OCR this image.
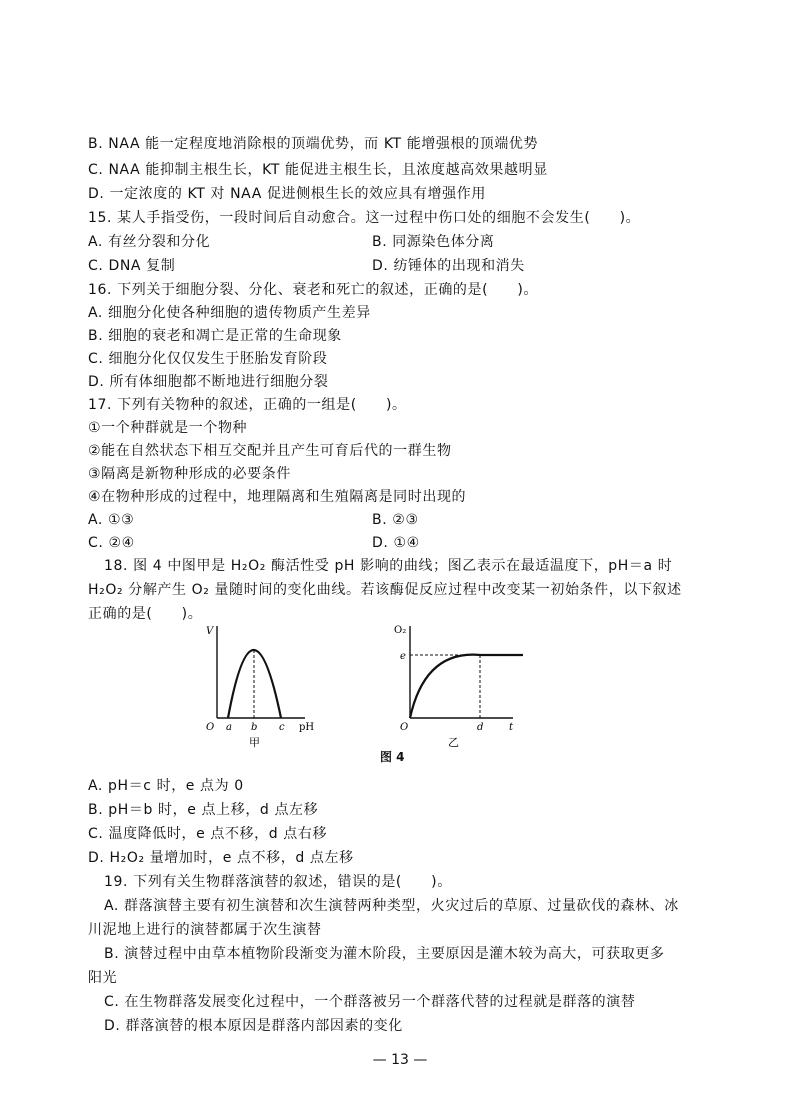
B. NAA 能一定程度地消除根的顶端优势，而 KT 能增强根的顶端优势
C. NAA 能抑制主根生长，KT 能促进主根生长，且浓度越高效果越明显
D. 一定浓度的 KT 对 NAA 促进侧根生长的效应具有增强作用
15. 某人手指受伤，一段时间后自动愈合。这一过程中伤口处的细胞不会发生(　　)。
A. 有丝分裂和分化	B. 同源染色体分离
C. DNA 复制	D. 纺锤体的出现和消失
16. 下列关于细胞分裂、分化、衰老和死亡的叙述，正确的是(　　)。
A. 细胞分化使各种细胞的遗传物质产生差异
B. 细胞的衰老和凋亡是正常的生命现象
C. 细胞分化仅仅发生于胚胎发育阶段
D. 所有体细胞都不断地进行细胞分裂
17. 下列有关物种的叙述，正确的一组是(　　)。
①一个种群就是一个物种
②能在自然状态下相互交配并且产生可育后代的一群生物
③隔离是新物种形成的必要条件
④在物种形成的过程中，地理隔离和生殖隔离是同时出现的
A. ①③	B. ②③
C. ②④	D. ①④
18. 图 4 中图甲是 H₂O₂ 酶活性受 pH 影响的曲线；图乙表示在最适温度下，pH＝a 时
H₂O₂ 分解产生 O₂ 量随时间的变化曲线。若该酶促反应过程中改变某一初始条件，以下叙述
正确的是(　　)。
V
O a b c pH
甲
O₂
e
O	d	t
乙
图 4
A. pH＝c 时，e 点为 0
B. pH＝b 时，e 点上移，d 点左移
C. 温度降低时，e 点不移，d 点右移
D. H₂O₂ 量增加时，e 点不移，d 点左移
19. 下列有关生物群落演替的叙述，错误的是(　　)。
A. 群落演替主要有初生演替和次生演替两种类型，火灾过后的草原、过量砍伐的森林、冰
川泥地上进行的演替都属于次生演替
B. 演替过程中由草本植物阶段渐变为灌木阶段，主要原因是灌木较为高大，可获取更多
阳光
C. 在生物群落发展变化过程中，一个群落被另一个群落代替的过程就是群落的演替
D. 群落演替的根本原因是群落内部因素的变化
— 13 —
